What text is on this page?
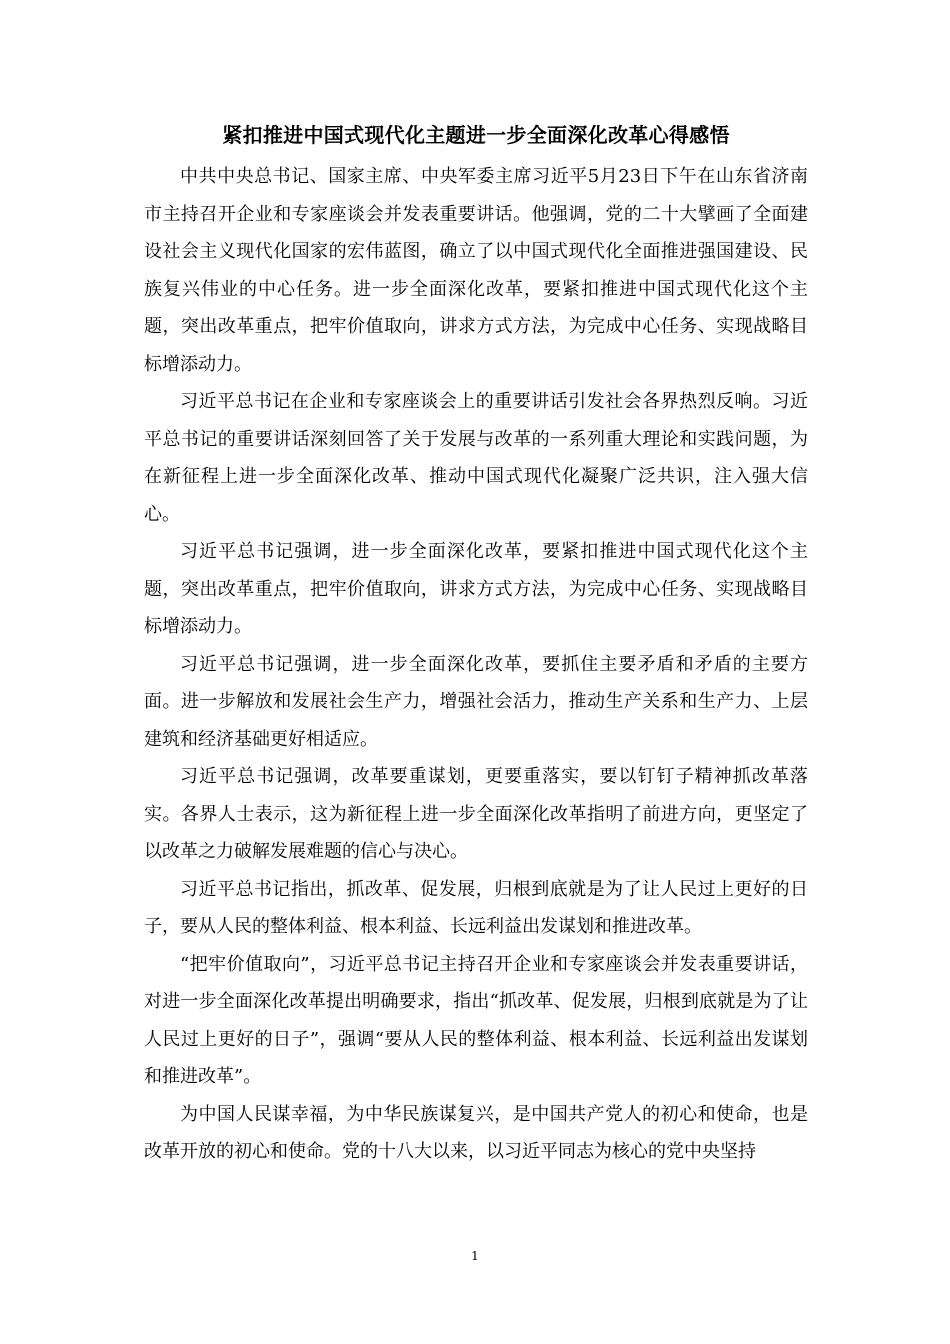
紧扣推进中国式现代化主题进一步全面深化改革心得感悟

中共中央总书记、国家主席、中央军委主席习近平5月23日下午在山东省济南市主持召开企业和专家座谈会并发表重要讲话。他强调，党的二十大擘画了全面建设社会主义现代化国家的宏伟蓝图，确立了以中国式现代化全面推进强国建设、民族复兴伟业的中心任务。进一步全面深化改革，要紧扣推进中国式现代化这个主题，突出改革重点，把牢价值取向，讲求方式方法，为完成中心任务、实现战略目标增添动力。

习近平总书记在企业和专家座谈会上的重要讲话引发社会各界热烈反响。习近平总书记的重要讲话深刻回答了关于发展与改革的一系列重大理论和实践问题，为在新征程上进一步全面深化改革、推动中国式现代化凝聚广泛共识，注入强大信心。

习近平总书记强调，进一步全面深化改革，要紧扣推进中国式现代化这个主题，突出改革重点，把牢价值取向，讲求方式方法，为完成中心任务、实现战略目标增添动力。

习近平总书记强调，进一步全面深化改革，要抓住主要矛盾和矛盾的主要方面。进一步解放和发展社会生产力，增强社会活力，推动生产关系和生产力、上层建筑和经济基础更好相适应。

习近平总书记强调，改革要重谋划，更要重落实，要以钉钉子精神抓改革落实。各界人士表示，这为新征程上进一步全面深化改革指明了前进方向，更坚定了以改革之力破解发展难题的信心与决心。

习近平总书记指出，抓改革、促发展，归根到底就是为了让人民过上更好的日子，要从人民的整体利益、根本利益、长远利益出发谋划和推进改革。

“把牢价值取向”，习近平总书记主持召开企业和专家座谈会并发表重要讲话，对进一步全面深化改革提出明确要求，指出“抓改革、促发展，归根到底就是为了让人民过上更好的日子”，强调“要从人民的整体利益、根本利益、长远利益出发谋划和推进改革”。

为中国人民谋幸福，为中华民族谋复兴，是中国共产党人的初心和使命，也是改革开放的初心和使命。党的十八大以来，以习近平同志为核心的党中央坚持

1
